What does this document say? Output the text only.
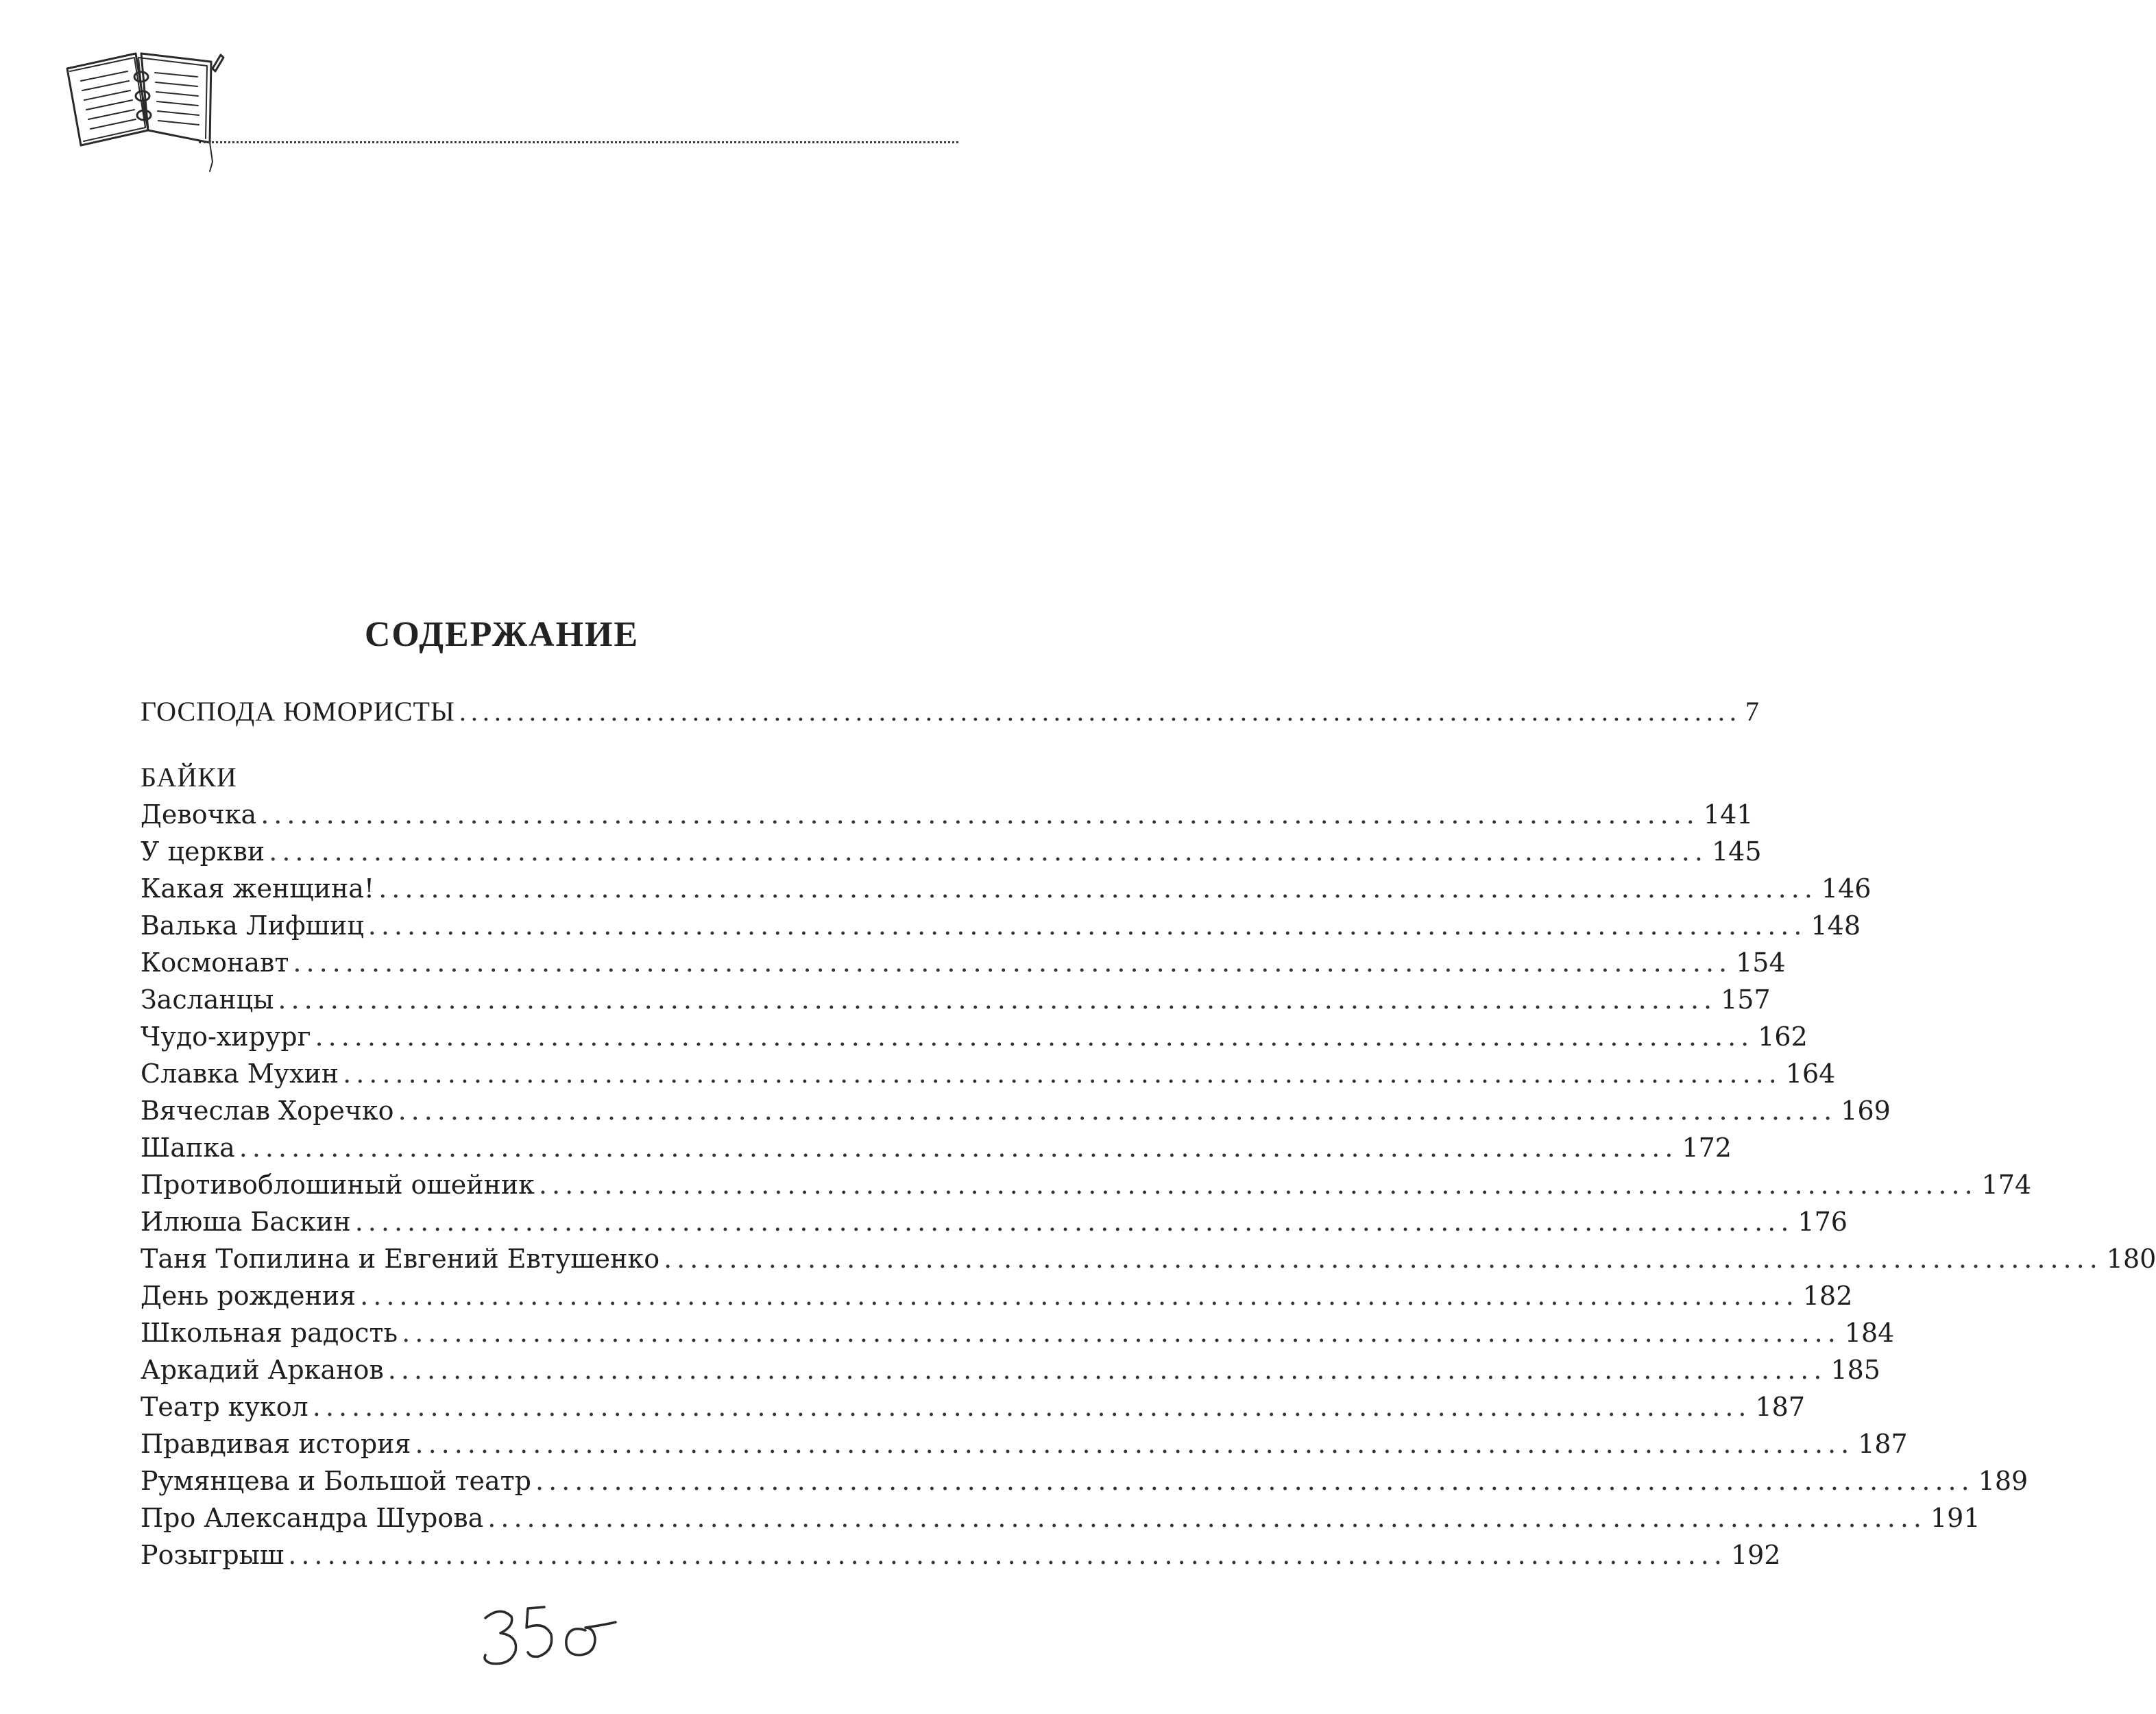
СОДЕРЖАНИЕ
ГОСПОДА ЮМОРИСТЫ .............................................................................................................. 7
БАЙКИ
Девочка .............................................................................................................. 141
У церкви .............................................................................................................. 145
Какая женщина! .............................................................................................................. 146
Валька Лифшиц .............................................................................................................. 148
Космонавт .............................................................................................................. 154
Засланцы .............................................................................................................. 157
Чудо-хирург .............................................................................................................. 162
Славка Мухин .............................................................................................................. 164
Вячеслав Хоречко .............................................................................................................. 169
Шапка .............................................................................................................. 172
Противоблошиный ошейник .............................................................................................................. 174
Илюша Баскин .............................................................................................................. 176
Таня Топилина и Евгений Евтушенко .............................................................................................................. 180
День рождения .............................................................................................................. 182
Школьная радость .............................................................................................................. 184
Аркадий Арканов .............................................................................................................. 185
Театр кукол .............................................................................................................. 187
Правдивая история .............................................................................................................. 187
Румянцева и Большой театр .............................................................................................................. 189
Про Александра Шурова .............................................................................................................. 191
Розыгрыш .............................................................................................................. 192
